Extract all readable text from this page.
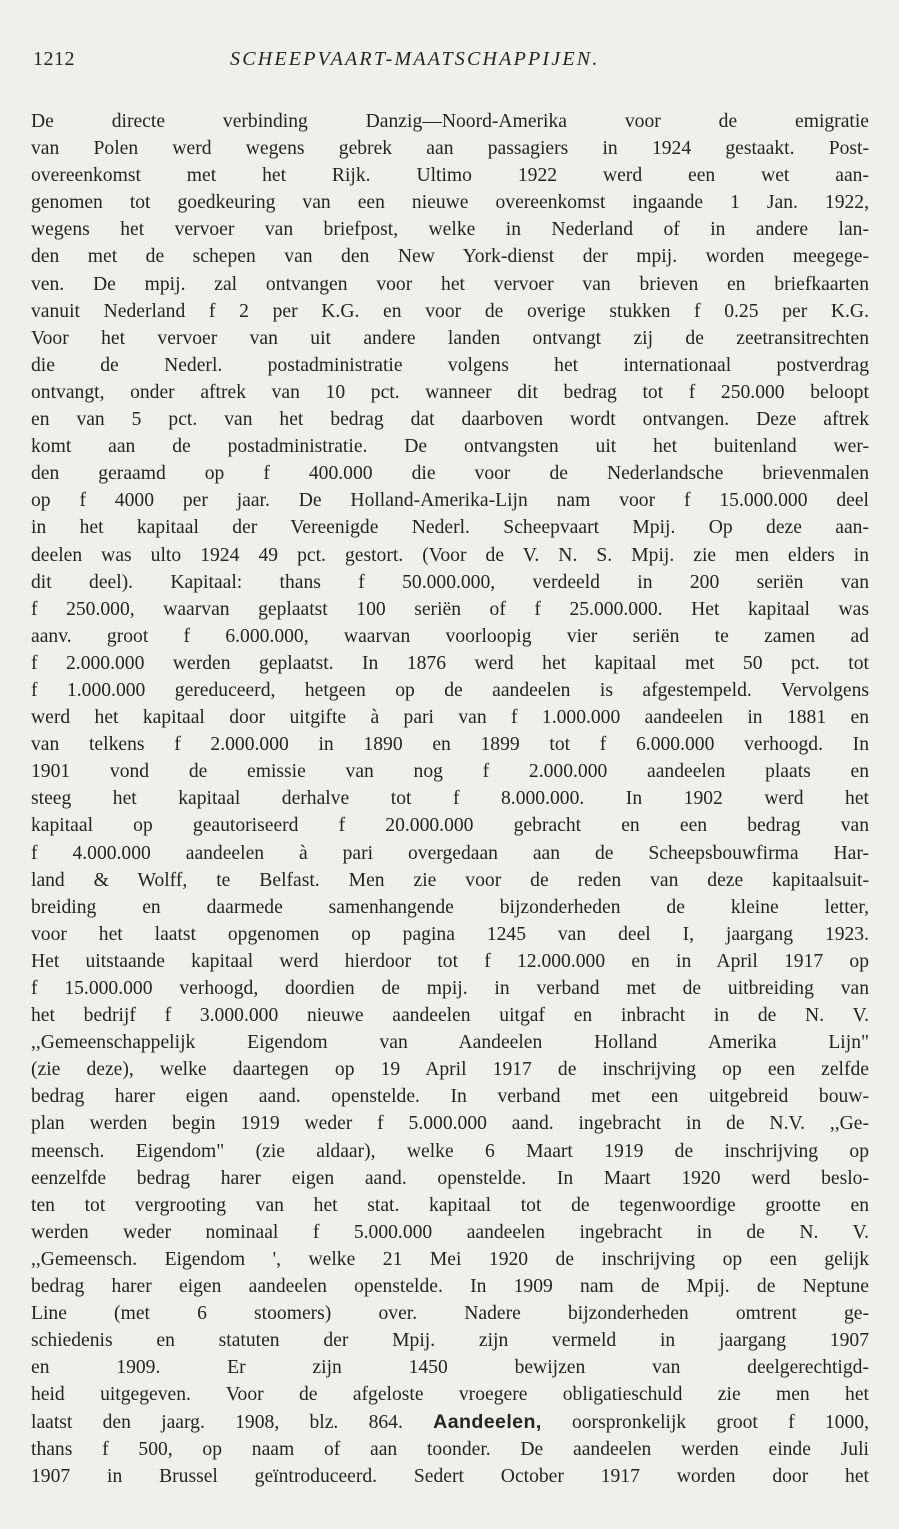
1212	SCHEEPVAART-MAATSCHAPPIJEN.
De directe verbinding Danzig—Noord-Amerika voor de emigratie
van Polen werd wegens gebrek aan passagiers in 1924 gestaakt. Post-
overeenkomst met het Rijk. Ultimo 1922 werd een wet aan-
genomen tot goedkeuring van een nieuwe overeenkomst ingaande 1 Jan. 1922,
wegens het vervoer van briefpost, welke in Nederland of in andere lan-
den met de schepen van den New York-dienst der mpij. worden meegege-
ven. De mpij. zal ontvangen voor het vervoer van brieven en briefkaarten
vanuit Nederland f 2 per K.G. en voor de overige stukken f 0.25 per K.G.
Voor het vervoer van uit andere landen ontvangt zij de zeetransitrechten
die de Nederl. postadministratie volgens het internationaal postverdrag
ontvangt, onder aftrek van 10 pct. wanneer dit bedrag tot f 250.000 beloopt
en van 5 pct. van het bedrag dat daarboven wordt ontvangen. Deze aftrek
komt aan de postadministratie. De ontvangsten uit het buitenland wer-
den geraamd op f 400.000 die voor de Nederlandsche brievenmalen
op f 4000 per jaar. De Holland-Amerika-Lijn nam voor f 15.000.000 deel
in het kapitaal der Vereenigde Nederl. Scheepvaart Mpij. Op deze aan-
deelen was ulto 1924 49 pct. gestort. (Voor de V. N. S. Mpij. zie men elders in
dit deel). Kapitaal: thans f 50.000.000, verdeeld in 200 seriën van
f 250.000, waarvan geplaatst 100 seriën of f 25.000.000. Het kapitaal was
aanv. groot f 6.000.000, waarvan voorloopig vier seriën te zamen ad
f 2.000.000 werden geplaatst. In 1876 werd het kapitaal met 50 pct. tot
f 1.000.000 gereduceerd, hetgeen op de aandeelen is afgestempeld. Vervolgens
werd het kapitaal door uitgifte à pari van f 1.000.000 aandeelen in 1881 en
van telkens f 2.000.000 in 1890 en 1899 tot f 6.000.000 verhoogd. In
1901 vond de emissie van nog f 2.000.000 aandeelen plaats en
steeg het kapitaal derhalve tot f 8.000.000. In 1902 werd het
kapitaal op geautoriseerd f 20.000.000 gebracht en een bedrag van
f 4.000.000 aandeelen à pari overgedaan aan de Scheepsbouwfirma Har-
land & Wolff, te Belfast. Men zie voor de reden van deze kapitaalsuit-
breiding en daarmede samenhangende bijzonderheden de kleine letter,
voor het laatst opgenomen op pagina 1245 van deel I, jaargang 1923.
Het uitstaande kapitaal werd hierdoor tot f 12.000.000 en in April 1917 op
f 15.000.000 verhoogd, doordien de mpij. in verband met de uitbreiding van
het bedrijf f 3.000.000 nieuwe aandeelen uitgaf en inbracht in de N. V.
,,Gemeenschappelijk Eigendom van Aandeelen Holland Amerika Lijn"
(zie deze), welke daartegen op 19 April 1917 de inschrijving op een zelfde
bedrag harer eigen aand. openstelde. In verband met een uitgebreid bouw-
plan werden begin 1919 weder f 5.000.000 aand. ingebracht in de N.V. ,,Ge-
meensch. Eigendom" (zie aldaar), welke 6 Maart 1919 de inschrijving op
eenzelfde bedrag harer eigen aand. openstelde. In Maart 1920 werd beslo-
ten tot vergrooting van het stat. kapitaal tot de tegenwoordige grootte en
werden weder nominaal f 5.000.000 aandeelen ingebracht in de N. V.
,,Gemeensch. Eigendom ', welke 21 Mei 1920 de inschrijving op een gelijk
bedrag harer eigen aandeelen openstelde. In 1909 nam de Mpij. de Neptune
Line (met 6 stoomers) over. Nadere bijzonderheden omtrent ge-
schiedenis en statuten der Mpij. zijn vermeld in jaargang 1907
en 1909. Er zijn 1450 bewijzen van deelgerechtigd-
heid uitgegeven. Voor de afgeloste vroegere obligatieschuld zie men het
laatst den jaarg. 1908, blz. 864. Aandeelen, oorspronkelijk groot f 1000,
thans f 500, op naam of aan toonder. De aandeelen werden einde Juli
1907 in Brussel geïntroduceerd. Sedert October 1917 worden door het
